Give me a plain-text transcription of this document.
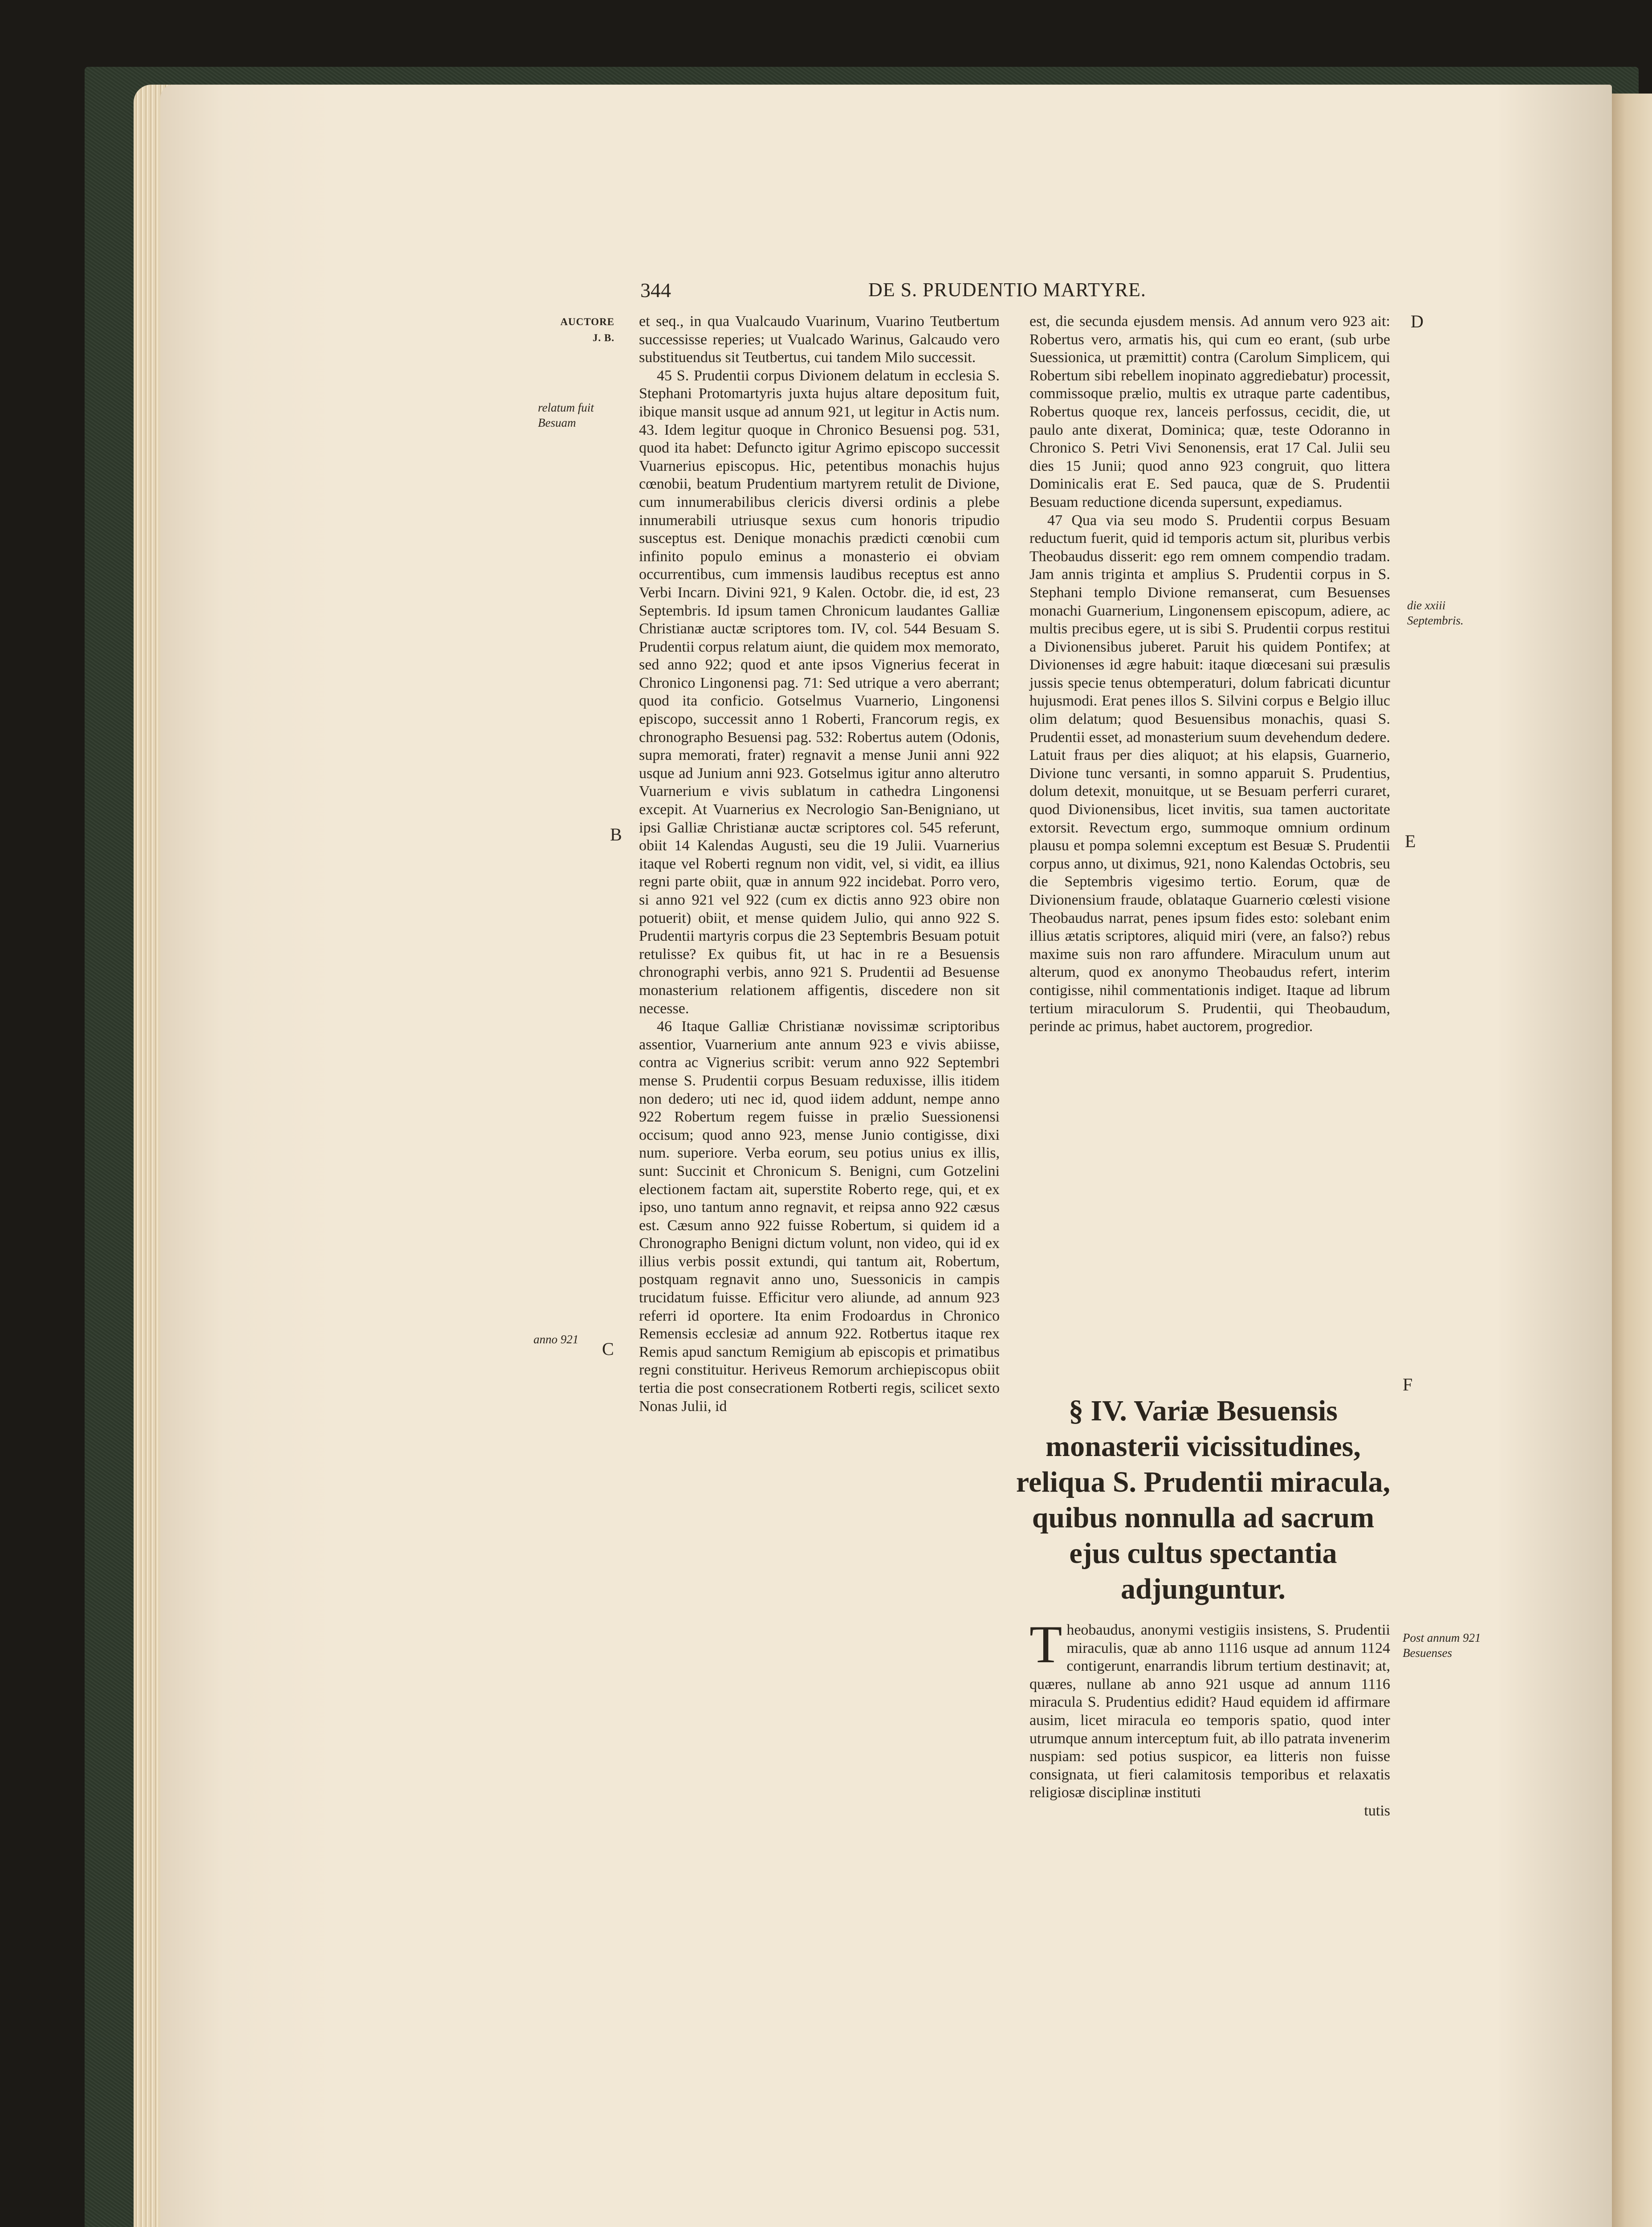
344	DE S. PRUDENTIO MARTYRE.
AUCTORE
J. B.
relatum fuit Besuam
anno 921
die xxiii Septembris.
Post annum 921 Besuenses
B
C
D
E
F

et seq., in qua Vualcaudo Vuarinum, Vuarino Teutbertum successisse reperies; ut Vualcado Warinus, Galcaudo vero substituendus sit Teutbertus, cui tandem Milo successit.

45 S. Prudentii corpus Divionem delatum in ecclesia S. Stephani Protomartyris juxta hujus altare depositum fuit, ibique mansit usque ad annum 921, ut legitur in Actis num. 43. Idem legitur quoque in Chronico Besuensi pog. 531, quod ita habet: Defuncto igitur Agrimo episcopo successit Vuarnerius episcopus. Hic, petentibus monachis hujus cœnobii, beatum Prudentium martyrem retulit de Divione, cum innumerabilibus clericis diversi ordinis a plebe innumerabili utriusque sexus cum honoris tripudio susceptus est. Denique monachis prædicti cœnobii cum infinito populo eminus a monasterio ei obviam occurrentibus, cum immensis laudibus receptus est anno Verbi Incarn. Divini 921, 9 Kalen. Octobr. die, id est, 23 Septembris. Id ipsum tamen Chronicum laudantes Galliæ Christianæ auctæ scriptores tom. IV, col. 544 Besuam S. Prudentii corpus relatum aiunt, die quidem mox memorato, sed anno 922; quod et ante ipsos Vignerius fecerat in Chronico Lingonensi pag. 71: Sed utrique a vero aberrant; quod ita conficio. Gotselmus Vuarnerio, Lingonensi episcopo, successit anno 1 Roberti, Francorum regis, ex chronographo Besuensi pag. 532: Robertus autem (Odonis, supra memorati, frater) regnavit a mense Junii anni 922 usque ad Junium anni 923. Gotselmus igitur anno alterutro Vuarnerium e vivis sublatum in cathedra Lingonensi excepit. At Vuarnerius ex Necrologio San-Benigniano, ut ipsi Galliæ Christianæ auctæ scriptores col. 545 referunt, obiit 14 Kalendas Augusti, seu die 19 Julii. Vuarnerius itaque vel Roberti regnum non vidit, vel, si vidit, ea illius regni parte obiit, quæ in annum 922 incidebat. Porro vero, si anno 921 vel 922 (cum ex dictis anno 923 obire non potuerit) obiit, et mense quidem Julio, qui anno 922 S. Prudentii martyris corpus die 23 Septembris Besuam potuit retulisse? Ex quibus fit, ut hac in re a Besuensis chronographi verbis, anno 921 S. Prudentii ad Besuense monasterium relationem affigentis, discedere non sit necesse.

46 Itaque Galliæ Christianæ novissimæ scriptoribus assentior, Vuarnerium ante annum 923 e vivis abiisse, contra ac Vignerius scribit: verum anno 922 Septembri mense S. Prudentii corpus Besuam reduxisse, illis itidem non dedero; uti nec id, quod iidem addunt, nempe anno 922 Robertum regem fuisse in prælio Suessionensi occisum; quod anno 923, mense Junio contigisse, dixi num. superiore. Verba eorum, seu potius unius ex illis, sunt: Succinit et Chronicum S. Benigni, cum Gotzelini electionem factam ait, superstite Roberto rege, qui, et ex ipso, uno tantum anno regnavit, et reipsa anno 922 cæsus est. Cæsum anno 922 fuisse Robertum, si quidem id a Chronographo Benigni dictum volunt, non video, qui id ex illius verbis possit extundi, qui tantum ait, Robertum, postquam regnavit anno uno, Suessonicis in campis trucidatum fuisse. Efficitur vero aliunde, ad annum 923 referri id oportere. Ita enim Frodoardus in Chronico Remensis ecclesiæ ad annum 922. Rotbertus itaque rex Remis apud sanctum Remigium ab episcopis et primatibus regni constituitur. Heriveus Remorum archiepiscopus obiit tertia die post consecrationem Rotberti regis, scilicet sexto Nonas Julii, id

est, die secunda ejusdem mensis. Ad annum vero 923 ait: Robertus vero, armatis his, qui cum eo erant, (sub urbe Suessionica, ut præmittit) contra (Carolum Simplicem, qui Robertum sibi rebellem inopinato aggrediebatur) processit, commissoque prælio, multis ex utraque parte cadentibus, Robertus quoque rex, lanceis perfossus, cecidit, die, ut paulo ante dixerat, Dominica; quæ, teste Odoranno in Chronico S. Petri Vivi Senonensis, erat 17 Cal. Julii seu dies 15 Junii; quod anno 923 congruit, quo littera Dominicalis erat E. Sed pauca, quæ de S. Prudentii Besuam reductione dicenda supersunt, expediamus.

47 Qua via seu modo S. Prudentii corpus Besuam reductum fuerit, quid id temporis actum sit, pluribus verbis Theobaudus disserit: ego rem omnem compendio tradam. Jam annis triginta et amplius S. Prudentii corpus in S. Stephani templo Divione remanserat, cum Besuenses monachi Guarnerium, Lingonensem episcopum, adiere, ac multis precibus egere, ut is sibi S. Prudentii corpus restitui a Divionensibus juberet. Paruit his quidem Pontifex; at Divionenses id ægre habuit: itaque diœcesani sui præsulis jussis specie tenus obtemperaturi, dolum fabricati dicuntur hujusmodi. Erat penes illos S. Silvini corpus e Belgio illuc olim delatum; quod Besuensibus monachis, quasi S. Prudentii esset, ad monasterium suum devehendum dedere. Latuit fraus per dies aliquot; at his elapsis, Guarnerio, Divione tunc versanti, in somno apparuit S. Prudentius, dolum detexit, monuitque, ut se Besuam perferri curaret, quod Divionensibus, licet invitis, sua tamen auctoritate extorsit. Revectum ergo, summoque omnium ordinum plausu et pompa solemni exceptum est Besuæ S. Prudentii corpus anno, ut diximus, 921, nono Kalendas Octobris, seu die Septembris vigesimo tertio. Eorum, quæ de Divionensium fraude, oblataque Guarnerio cœlesti visione Theobaudus narrat, penes ipsum fides esto: solebant enim illius ætatis scriptores, aliquid miri (vere, an falso?) rebus maxime suis non raro affundere. Miraculum unum aut alterum, quod ex anonymo Theobaudus refert, interim contigisse, nihil commentationis indiget. Itaque ad librum tertium miraculorum S. Prudentii, qui Theobaudum, perinde ac primus, habet auctorem, progredior.

§ IV. Variæ Besuensis monasterii vicissitudines, reliqua S. Prudentii miracula, quibus nonnulla ad sacrum ejus cultus spectantia adjunguntur.

Theobaudus, anonymi vestigiis insistens, S. Prudentii miraculis, quæ ab anno 1116 usque ad annum 1124 contigerunt, enarrandis librum tertium destinavit; at, quæres, nullane ab anno 921 usque ad annum 1116 miracula S. Prudentius edidit? Haud equidem id affirmare ausim, licet miracula eo temporis spatio, quod inter utrumque annum interceptum fuit, ab illo patrata invenerim nuspiam: sed potius suspicor, ea litteris non fuisse consignata, ut fieri calamitosis temporibus et relaxatis religiosæ disciplinæ instituti

tutis
